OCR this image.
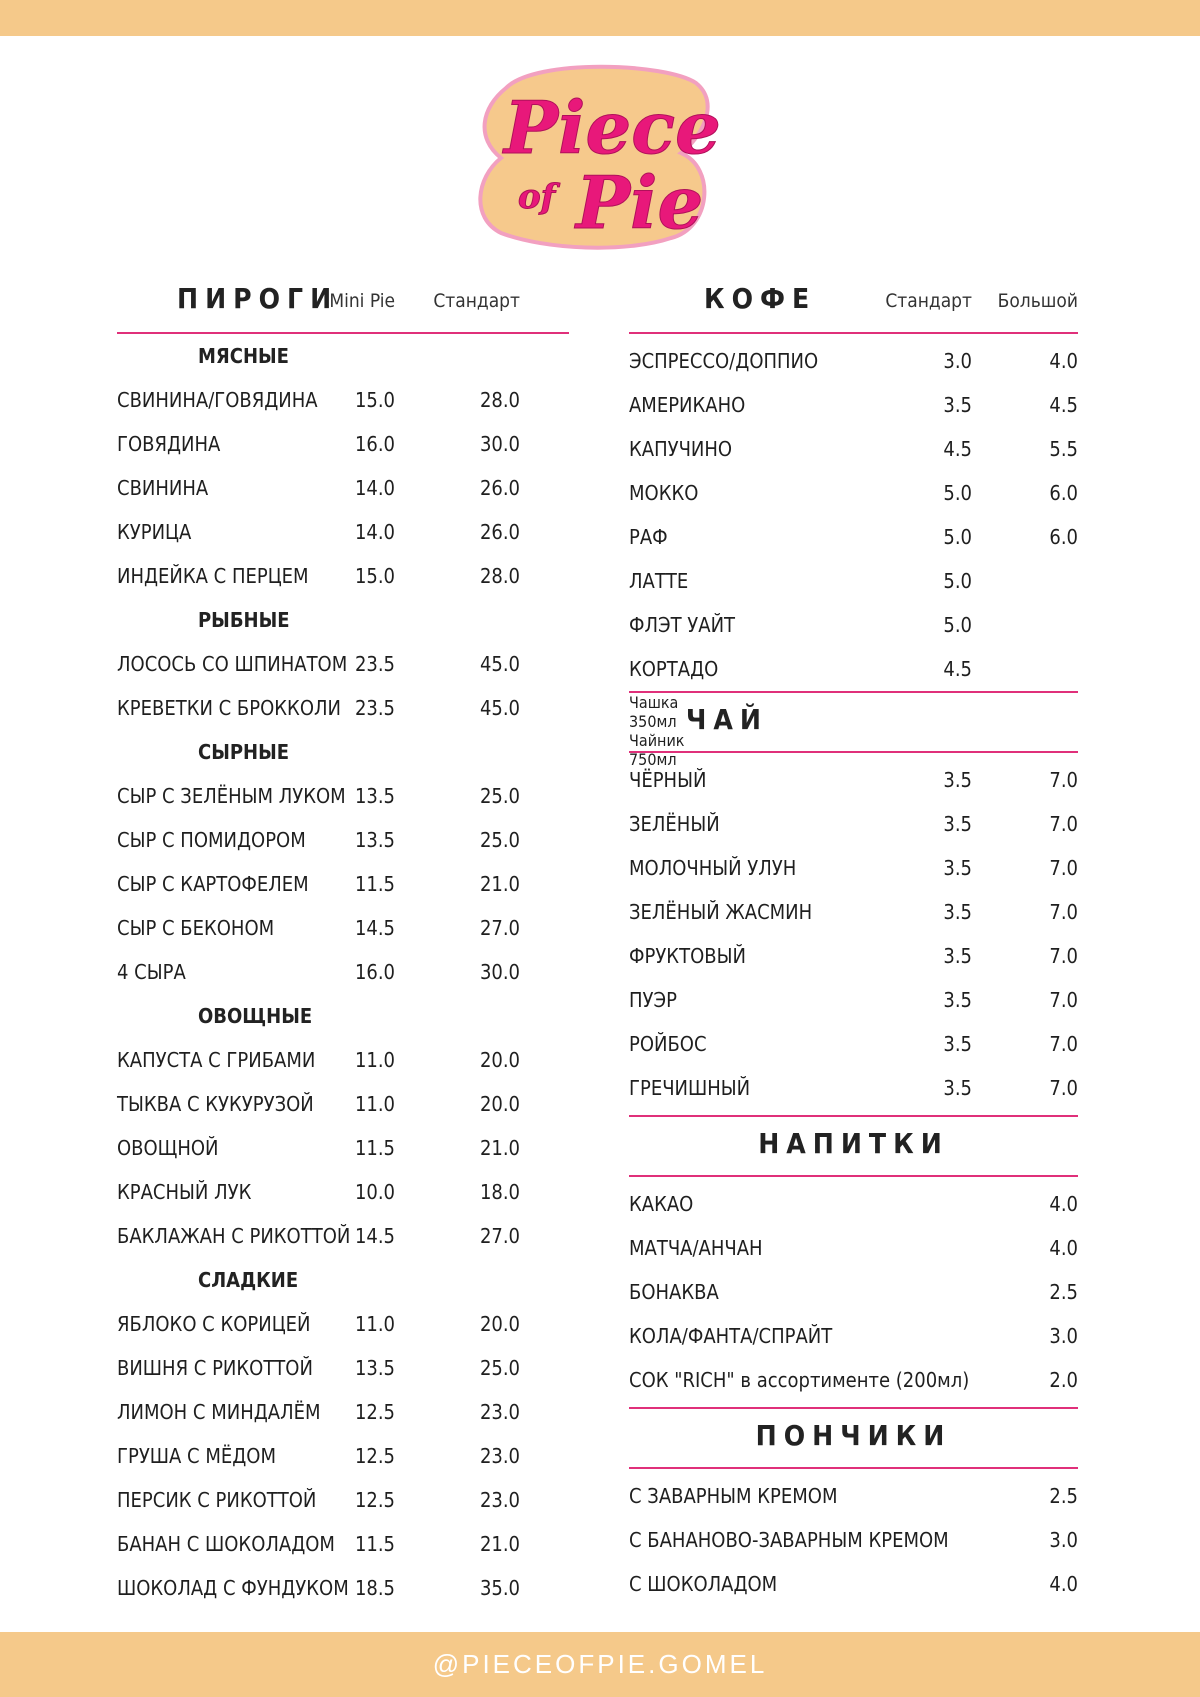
Piece
of Pie
ПИРОГИ
Mini Pie Стандарт
МЯСНЫЕ
СВИНИНА/ГОВЯДИНА 15.0	28.0
ГОВЯДИНА	16.0	30.0
СВИНИНА	14.0	26.0
КУРИЦА	14.0	26.0
ИНДЕЙКА С ПЕРЦЕМ 15.0	28.0
РЫБНЫЕ
ЛОСОСЬ СО ШПИНАТОМ 23.5	45.0
КРЕВЕТКИ С БРОККОЛИ 23.5	45.0
СЫРНЫЕ
СЫР С ЗЕЛЁНЫМ ЛУКОМ 13.5	25.0
СЫР С ПОМИДОРОМ 13.5	25.0
СЫР С КАРТОФЕЛЕМ 11.5	21.0
СЫР С БЕКОНОМ	14.5	27.0
4 СЫРА	16.0	30.0
ОВОЩНЫЕ
КАПУСТА С ГРИБАМИ 11.0	20.0
ТЫКВА С КУКУРУЗОЙ 11.0	20.0
ОВОЩНОЙ	11.5	21.0
КРАСНЫЙ ЛУК	10.0	18.0
БАКЛАЖАН С РИКОТТОЙ 14.5	27.0
СЛАДКИЕ
ЯБЛОКО С КОРИЦЕЙ 11.0	20.0
ВИШНЯ С РИКОТТОЙ 13.5	25.0
ЛИМОН С МИНДАЛЁМ 12.5	23.0
ГРУША С МЁДОМ	12.5	23.0
ПЕРСИК С РИКОТТОЙ 12.5	23.0
БАНАН С ШОКОЛАДОМ 11.5	21.0
ШОКОЛАД С ФУНДУКОМ 18.5	35.0
КОФЕ	Стандарт Большой
ЭСПРЕССО/ДОППИО	3.0	4.0
АМЕРИКАНО	3.5	4.5
КАПУЧИНО	4.5	5.5
МОККО	5.0	6.0
РАФ	5.0	6.0
ЛАТТЕ	5.0
ФЛЭТ УАЙТ	5.0
КОРТАДО	4.5
ЧАЙ
Чашка
350мл
Чайник
750мл
ЧЁРНЫЙ	3.5	7.0
ЗЕЛЁНЫЙ	3.5	7.0
МОЛОЧНЫЙ УЛУН	3.5	7.0
ЗЕЛЁНЫЙ ЖАСМИН	3.5	7.0
ФРУКТОВЫЙ	3.5	7.0
ПУЭР	3.5	7.0
РОЙБОС	3.5	7.0
ГРЕЧИШНЫЙ	3.5	7.0
НАПИТКИ
КАКАО	4.0
МАТЧА/АНЧАН	4.0
БОНАКВА	2.5
КОЛА/ФАНТА/СПРАЙТ	3.0
СОК "RICH" в ассортименте (200мл)	2.0
ПОНЧИКИ
С ЗАВАРНЫМ КРЕМОМ	2.5
С БАНАНОВО-ЗАВАРНЫМ КРЕМОМ	3.0
С ШОКОЛАДОМ	4.0
@PIECEOFPIE.GOMEL
